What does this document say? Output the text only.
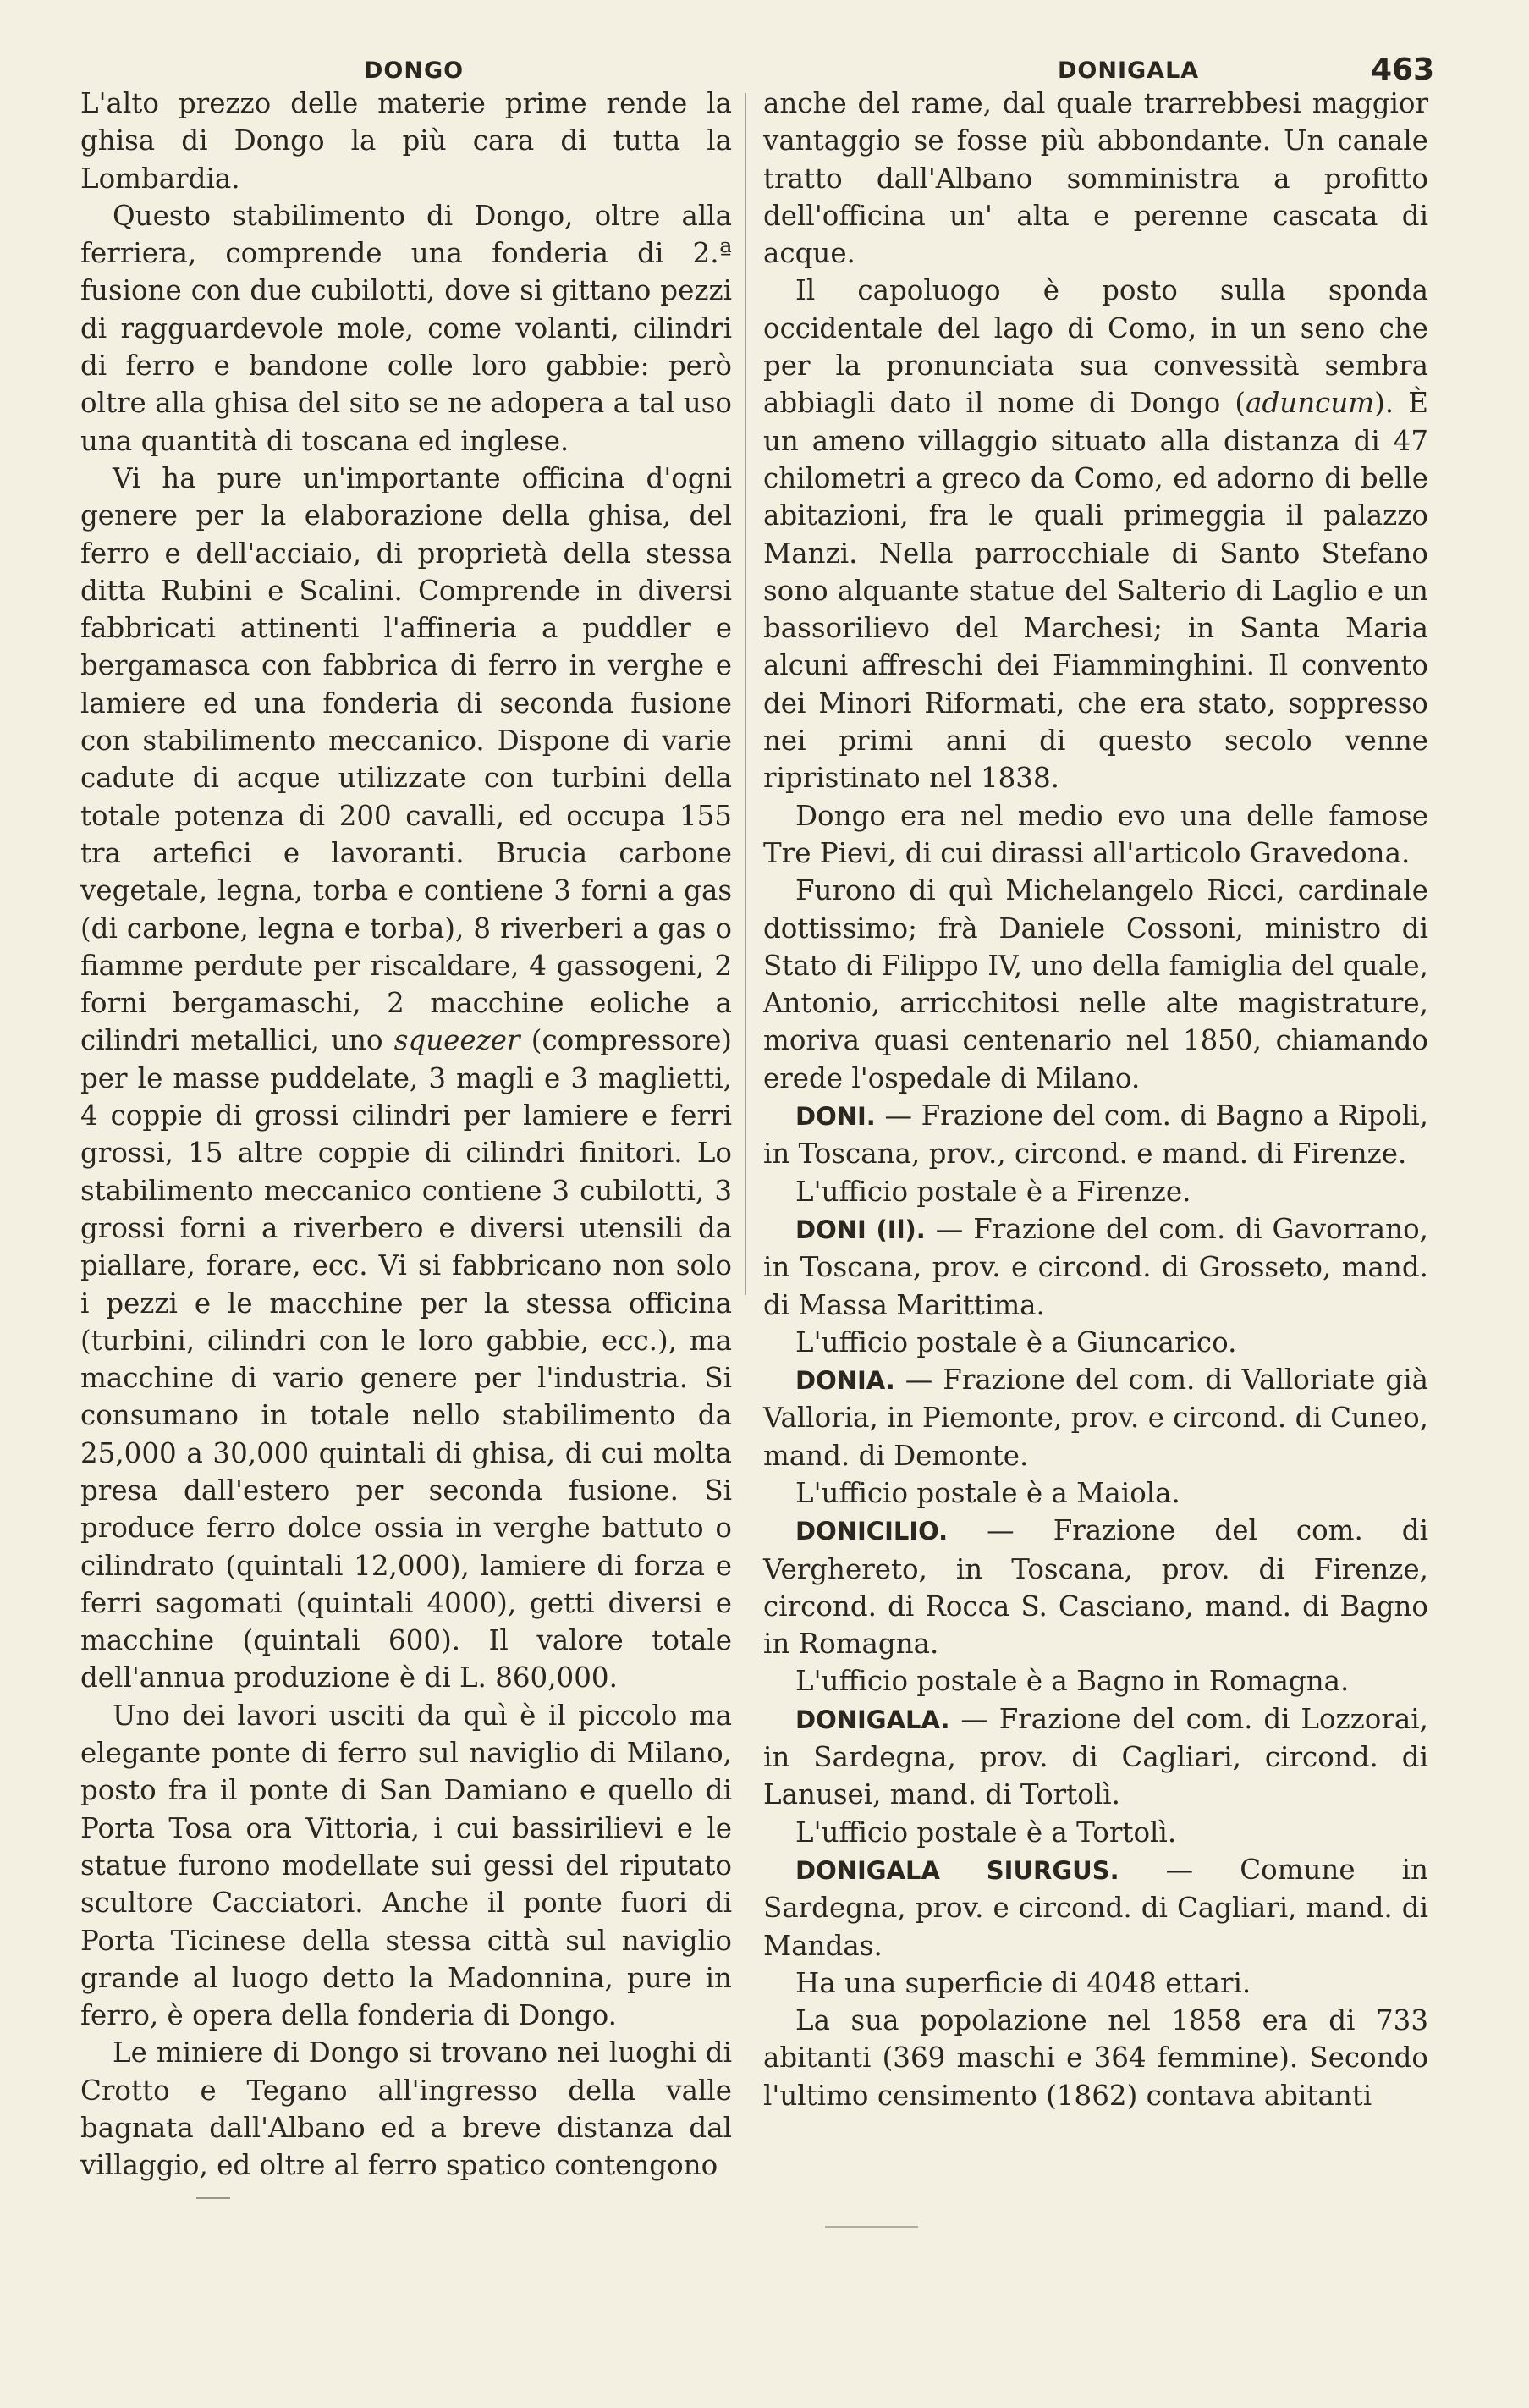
DONGO	DONIGALA	463

L'alto prezzo delle materie prime rende la ghisa di Dongo la più cara di tutta la Lombardia.

Questo stabilimento di Dongo, oltre alla ferriera, comprende una fonderia di 2.ª fusione con due cubilotti, dove si gittano pezzi di ragguardevole mole, come volanti, cilindri di ferro e bandone colle loro gabbie: però oltre alla ghisa del sito se ne adopera a tal uso una quantità di toscana ed inglese.

Vi ha pure un'importante officina d'ogni genere per la elaborazione della ghisa, del ferro e dell'acciaio, di proprietà della stessa ditta Rubini e Scalini. Comprende in diversi fabbricati attinenti l'affineria a puddler e bergamasca con fabbrica di ferro in verghe e lamiere ed una fonderia di seconda fusione con stabilimento meccanico. Dispone di varie cadute di acque utilizzate con turbini della totale potenza di 200 cavalli, ed occupa 155 tra artefici e lavoranti. Brucia carbone vegetale, legna, torba e contiene 3 forni a gas (di carbone, legna e torba), 8 riverberi a gas o fiamme perdute per riscaldare, 4 gassogeni, 2 forni bergamaschi, 2 macchine eoliche a cilindri metallici, uno squeezer (compressore) per le masse puddelate, 3 magli e 3 maglietti, 4 coppie di grossi cilindri per lamiere e ferri grossi, 15 altre coppie di cilindri finitori. Lo stabilimento meccanico contiene 3 cubilotti, 3 grossi forni a riverbero e diversi utensili da piallare, forare, ecc. Vi si fabbricano non solo i pezzi e le macchine per la stessa officina (turbini, cilindri con le loro gabbie, ecc.), ma macchine di vario genere per l'industria. Si consumano in totale nello stabilimento da 25,000 a 30,000 quintali di ghisa, di cui molta presa dall'estero per seconda fusione. Si produce ferro dolce ossia in verghe battuto o cilindrato (quintali 12,000), lamiere di forza e ferri sagomati (quintali 4000), getti diversi e macchine (quintali 600). Il valore totale dell'annua produzione è di L. 860,000.

Uno dei lavori usciti da quì è il piccolo ma elegante ponte di ferro sul naviglio di Milano, posto fra il ponte di San Damiano e quello di Porta Tosa ora Vittoria, i cui bassirilievi e le statue furono modellate sui gessi del riputato scultore Cacciatori. Anche il ponte fuori di Porta Ticinese della stessa città sul naviglio grande al luogo detto la Madonnina, pure in ferro, è opera della fonderia di Dongo.

Le miniere di Dongo si trovano nei luoghi di Crotto e Tegano all'ingresso della valle bagnata dall'Albano ed a breve distanza dal villaggio, ed oltre al ferro spatico contengono

anche del rame, dal quale trarrebbesi maggior vantaggio se fosse più abbondante. Un canale tratto dall'Albano somministra a profitto dell'officina un' alta e perenne cascata di acque.

Il capoluogo è posto sulla sponda occidentale del lago di Como, in un seno che per la pronunciata sua convessità sembra abbiagli dato il nome di Dongo (aduncum). È un ameno villaggio situato alla distanza di 47 chilometri a greco da Como, ed adorno di belle abitazioni, fra le quali primeggia il palazzo Manzi. Nella parrocchiale di Santo Stefano sono alquante statue del Salterio di Laglio e un bassorilievo del Marchesi; in Santa Maria alcuni affreschi dei Fiamminghini. Il convento dei Minori Riformati, che era stato, soppresso nei primi anni di questo secolo venne ripristinato nel 1838.

Dongo era nel medio evo una delle famose Tre Pievi, di cui dirassi all'articolo Gravedona.

Furono di quì Michelangelo Ricci, cardinale dottissimo; frà Daniele Cossoni, ministro di Stato di Filippo IV, uno della famiglia del quale, Antonio, arricchitosi nelle alte magistrature, moriva quasi centenario nel 1850, chiamando erede l'ospedale di Milano.

DONI. — Frazione del com. di Bagno a Ripoli, in Toscana, prov., circond. e mand. di Firenze.

L'ufficio postale è a Firenze.

DONI (Il). — Frazione del com. di Gavorrano, in Toscana, prov. e circond. di Grosseto, mand. di Massa Marittima.

L'ufficio postale è a Giuncarico.

DONIA. — Frazione del com. di Valloriate già Valloria, in Piemonte, prov. e circond. di Cuneo, mand. di Demonte.

L'ufficio postale è a Maiola.

DONICILIO. — Frazione del com. di Verghereto, in Toscana, prov. di Firenze, circond. di Rocca S. Casciano, mand. di Bagno in Romagna.

L'ufficio postale è a Bagno in Romagna.

DONIGALA. — Frazione del com. di Lozzorai, in Sardegna, prov. di Cagliari, circond. di Lanusei, mand. di Tortolì.

L'ufficio postale è a Tortolì.

DONIGALA SIURGUS. — Comune in Sardegna, prov. e circond. di Cagliari, mand. di Mandas.

Ha una superficie di 4048 ettari.

La sua popolazione nel 1858 era di 733 abitanti (369 maschi e 364 femmine). Secondo l'ultimo censimento (1862) contava abitanti
